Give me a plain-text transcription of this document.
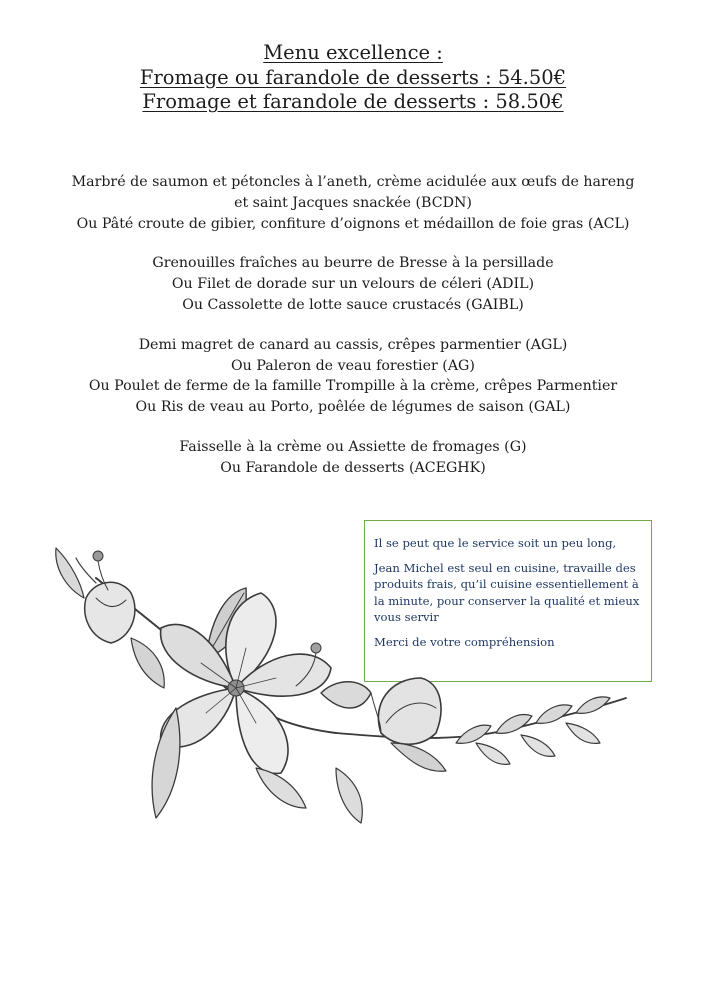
Menu excellence :
Fromage ou farandole de desserts : 54.50€
Fromage et farandole de desserts : 58.50€
Marbré de saumon et pétoncles à l’aneth, crème acidulée aux œufs de hareng
et saint Jacques snackée (BCDN)
Ou Pâté croute de gibier, confiture d’oignons et médaillon de foie gras (ACL)
Grenouilles fraîches au beurre de Bresse à la persillade
Ou Filet de dorade sur un velours de céleri (ADIL)
Ou Cassolette de lotte sauce crustacés (GAIBL)
Demi magret de canard au cassis, crêpes parmentier (AGL)
Ou Paleron de veau forestier (AG)
Ou Poulet de ferme de la famille Trompille à la crème, crêpes Parmentier
Ou Ris de veau au Porto, poêlée de légumes de saison (GAL)
Faisselle à la crème ou Assiette de fromages (G)
Ou Farandole de desserts (ACEGHK)

Il se peut que le service soit un peu long,

Jean Michel est seul en cuisine, travaille des produits frais, qu’il cuisine essentiellement à la minute, pour conserver la qualité et mieux vous servir

Merci de votre compréhension
